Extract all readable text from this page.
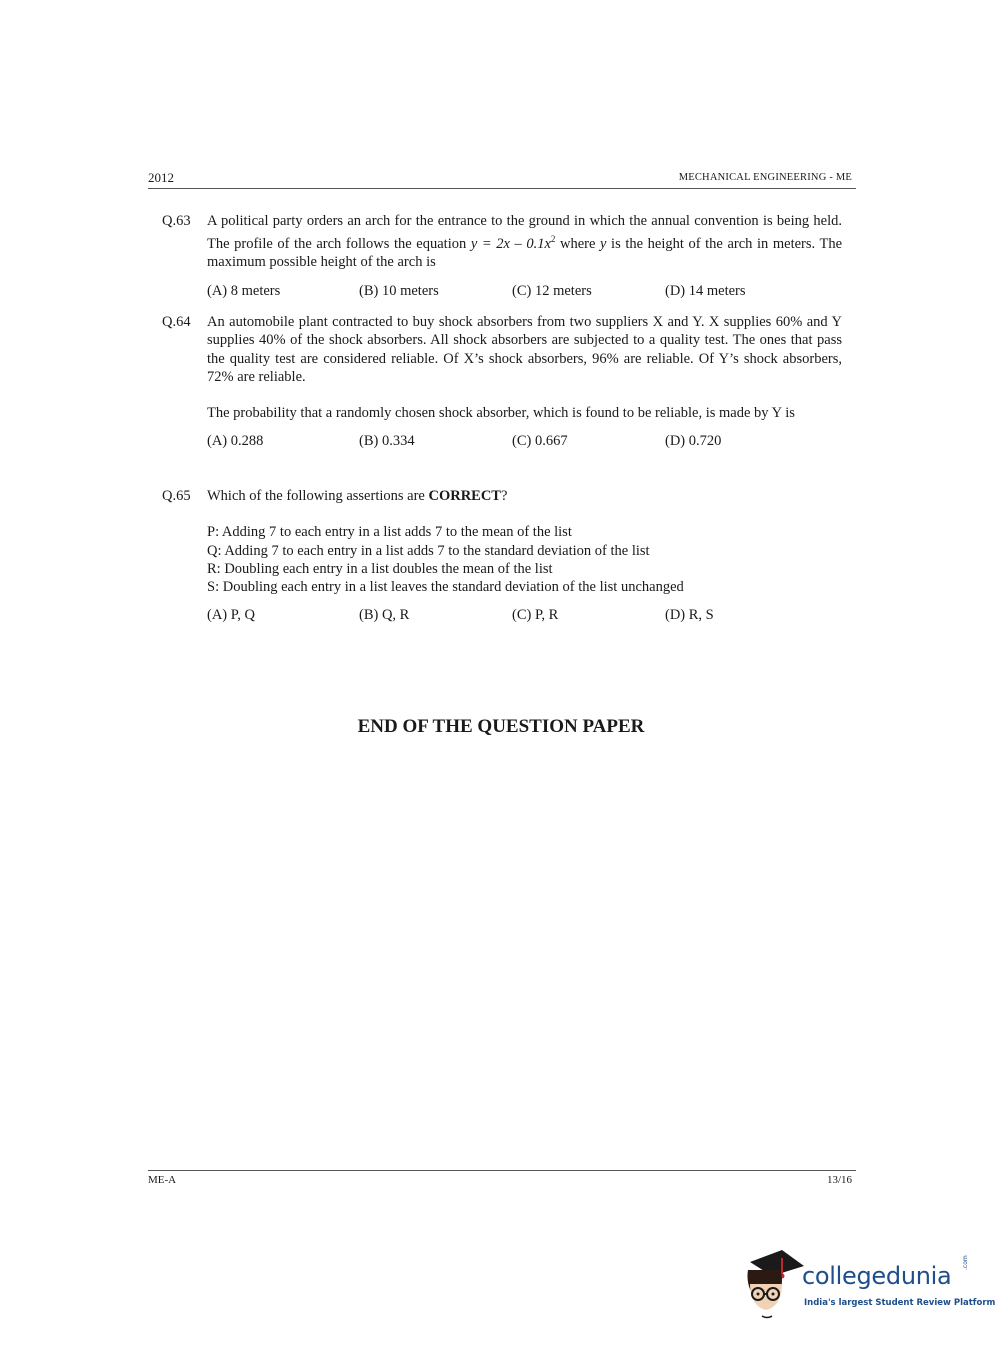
2012	MECHANICAL ENGINEERING - ME
Q.63 A political party orders an arch for the entrance to the ground in which the annual convention is being held. The profile of the arch follows the equation $y = 2x - 0.1x^2$ where y is the height of the arch in meters. The maximum possible height of the arch is

(A) 8 meters	(B) 10 meters	(C) 12 meters	(D) 14 meters
Q.64 An automobile plant contracted to buy shock absorbers from two suppliers X and Y. X supplies 60% and Y supplies 40% of the shock absorbers. All shock absorbers are subjected to a quality test. The ones that pass the quality test are considered reliable. Of X’s shock absorbers, 96% are reliable. Of Y’s shock absorbers, 72% are reliable.

The probability that a randomly chosen shock absorber, which is found to be reliable, is made by Y is

(A) 0.288	(B) 0.334	(C) 0.667	(D) 0.720
Q.65 Which of the following assertions are CORRECT?

P: Adding 7 to each entry in a list adds 7 to the mean of the list

Q: Adding 7 to each entry in a list adds 7 to the standard deviation of the list

R: Doubling each entry in a list doubles the mean of the list

S: Doubling each entry in a list leaves the standard deviation of the list unchanged

(A) P, Q	(B) Q, R	(C) P, R	(D) R, S
END OF THE QUESTION PAPER
ME-A	13/16
collegedunia .com
India's largest Student Review Platform
